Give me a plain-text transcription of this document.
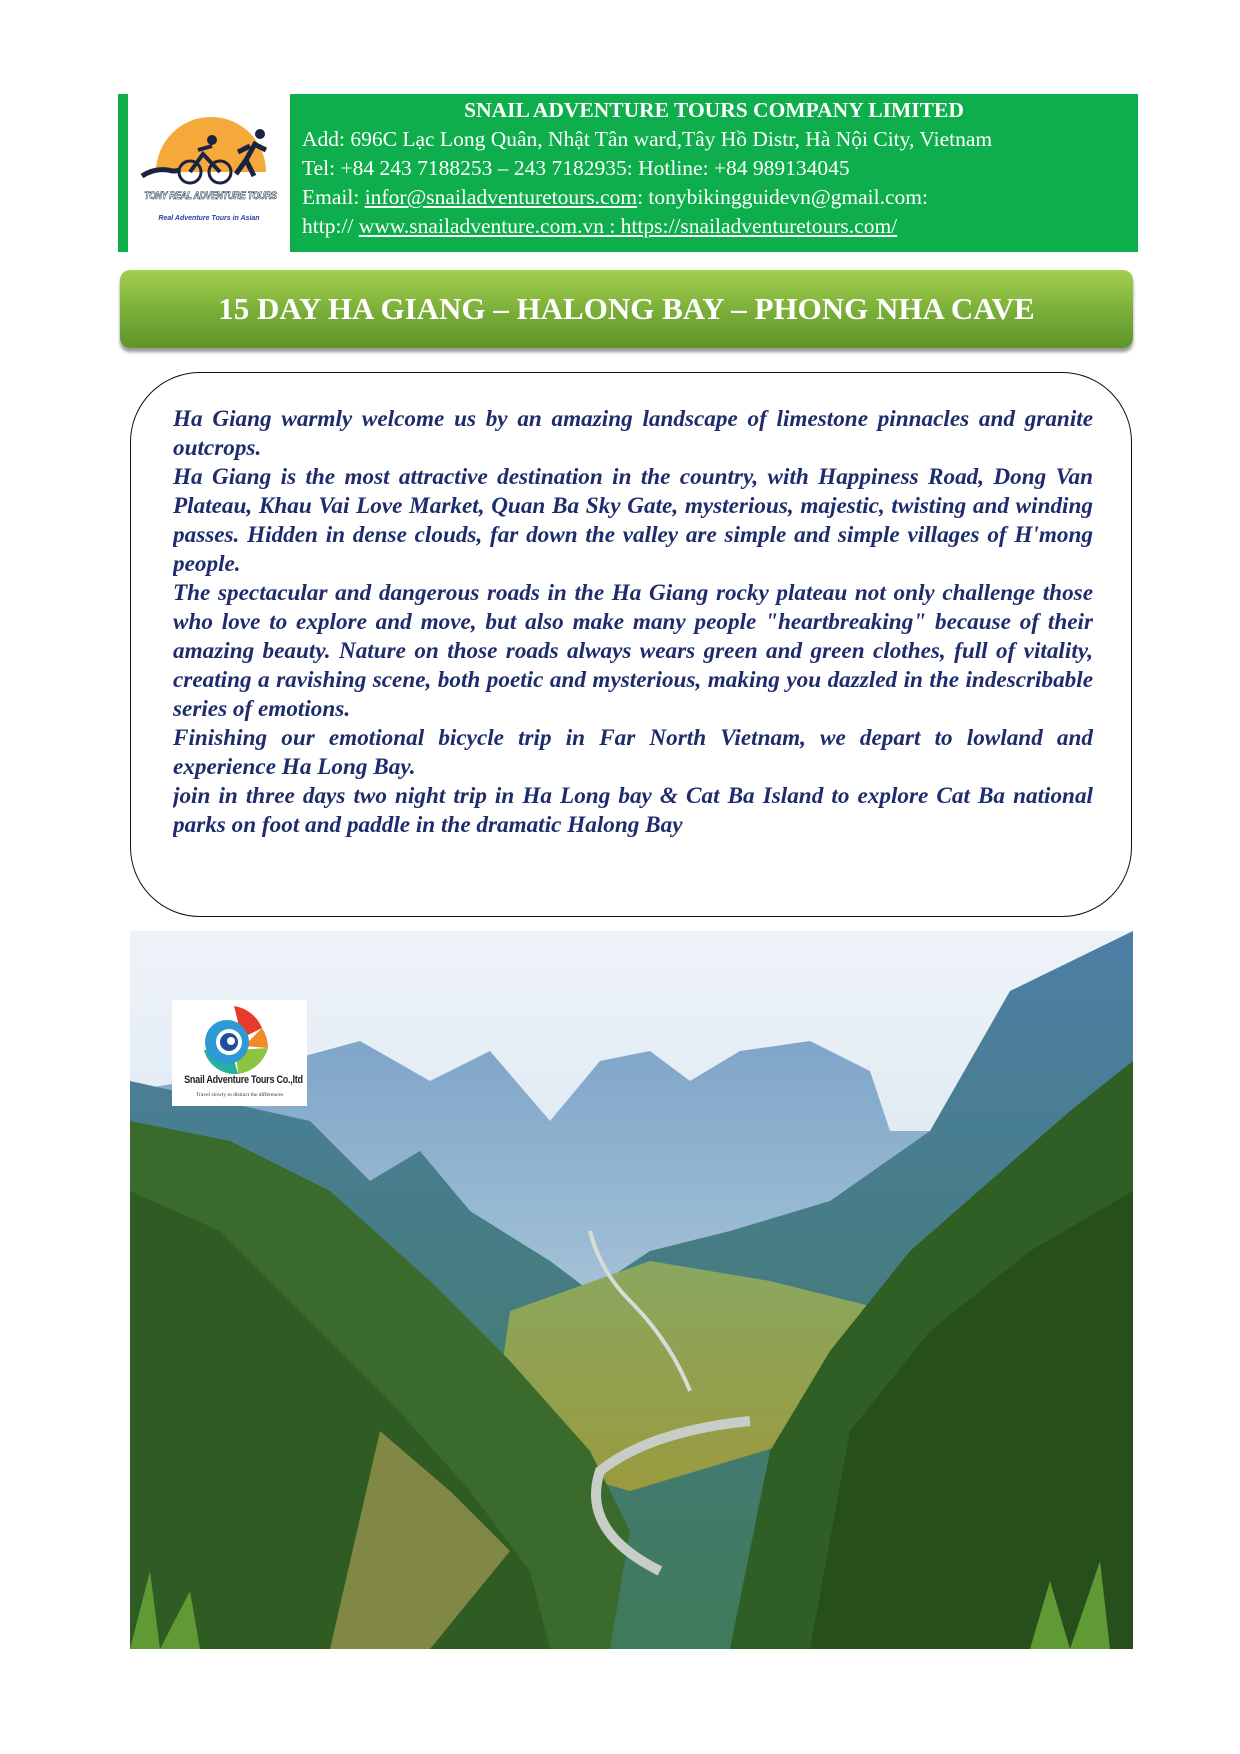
TONY REAL ADVENTURE TOURS
Real Adventure Tours in Asian
SNAIL ADVENTURE TOURS COMPANY LIMITED
Add: 696C Lạc Long Quân, Nhật Tân ward,Tây Hồ Distr, Hà Nội City, Vietnam
Tel: +84 243 7188253 – 243 7182935: Hotline: +84 989134045
Email: infor@snailadventuretours.com: tonybikingguidevn@gmail.com:
http:// www.snailadventure.com.vn : https://snailadventuretours.com/
15 DAY HA GIANG – HALONG BAY – PHONG NHA CAVE

Ha Giang warmly welcome us by an amazing landscape of limestone pinnacles and granite outcrops.

Ha Giang is the most attractive destination in the country, with Happiness Road, Dong Van Plateau, Khau Vai Love Market, Quan Ba Sky Gate, mysterious, majestic, twisting and winding passes. Hidden in dense clouds, far down the valley are simple and simple villages of H'mong people.

The spectacular and dangerous roads in the Ha Giang rocky plateau not only challenge those who love to explore and move, but also make many people "heartbreaking" because of their amazing beauty. Nature on those roads always wears green and green clothes, full of vitality, creating a ravishing scene, both poetic and mysterious, making you dazzled in the indescribable series of emotions.

Finishing our emotional bicycle trip in Far North Vietnam, we depart to lowland and experience Ha Long Bay.

join in three days two night trip in Ha Long bay & Cat Ba Island to explore Cat Ba national parks on foot and paddle in the dramatic Halong Bay

Snail Adventure Tours Co.,ltd
Travel slowly to distinct the differences
